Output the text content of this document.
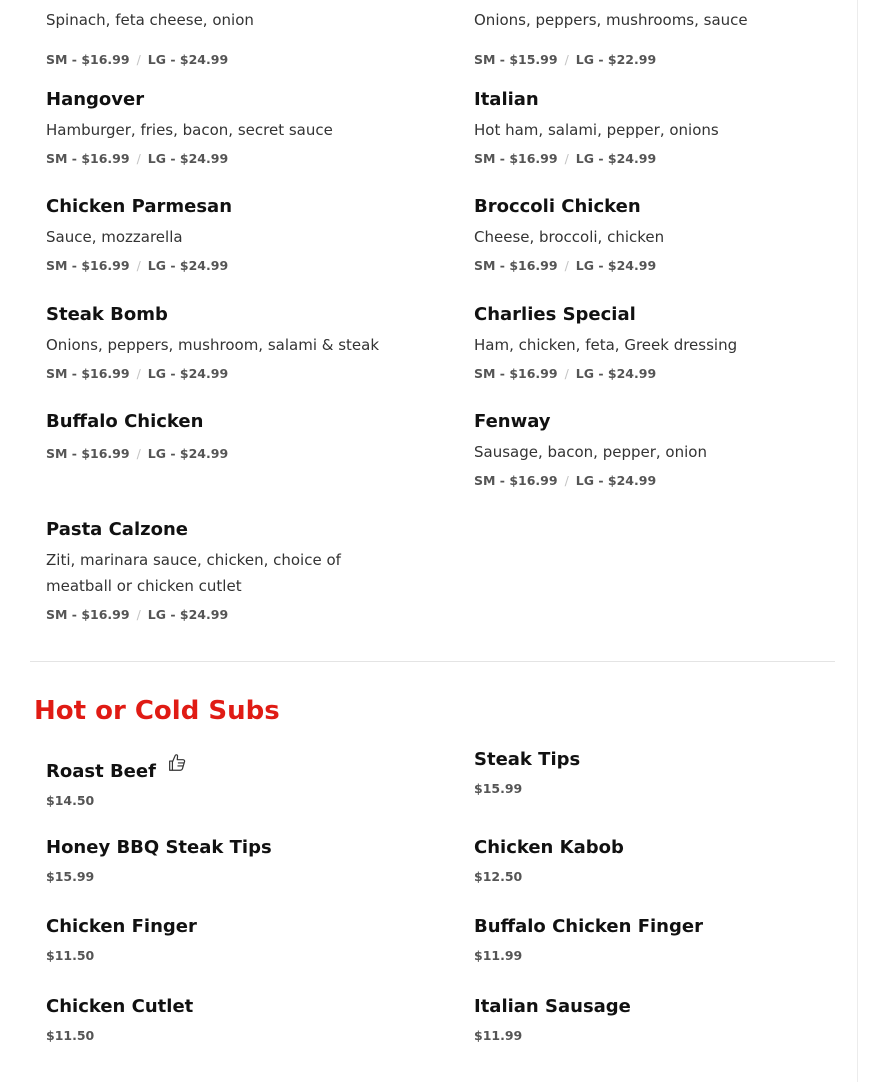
Spinach, feta cheese, onion
SM - $16.99 / LG - $24.99
Onions, peppers, mushrooms, sauce
SM - $15.99 / LG - $22.99
Hangover
Hamburger, fries, bacon, secret sauce
SM - $16.99 / LG - $24.99
Italian
Hot ham, salami, pepper, onions
SM - $16.99 / LG - $24.99
Chicken Parmesan
Sauce, mozzarella
SM - $16.99 / LG - $24.99
Broccoli Chicken
Cheese, broccoli, chicken
SM - $16.99 / LG - $24.99
Steak Bomb
Onions, peppers, mushroom, salami & steak
SM - $16.99 / LG - $24.99
Charlies Special
Ham, chicken, feta, Greek dressing
SM - $16.99 / LG - $24.99
Buffalo Chicken
SM - $16.99 / LG - $24.99
Fenway
Sausage, bacon, pepper, onion
SM - $16.99 / LG - $24.99
Pasta Calzone
Ziti, marinara sauce, chicken, choice of meatball or chicken cutlet
SM - $16.99 / LG - $24.99
Hot or Cold Subs
Roast Beef
$14.50
Steak Tips
$15.99
Honey BBQ Steak Tips
$15.99
Chicken Kabob
$12.50
Chicken Finger
$11.50
Buffalo Chicken Finger
$11.99
Chicken Cutlet
$11.50
Italian Sausage
$11.99
